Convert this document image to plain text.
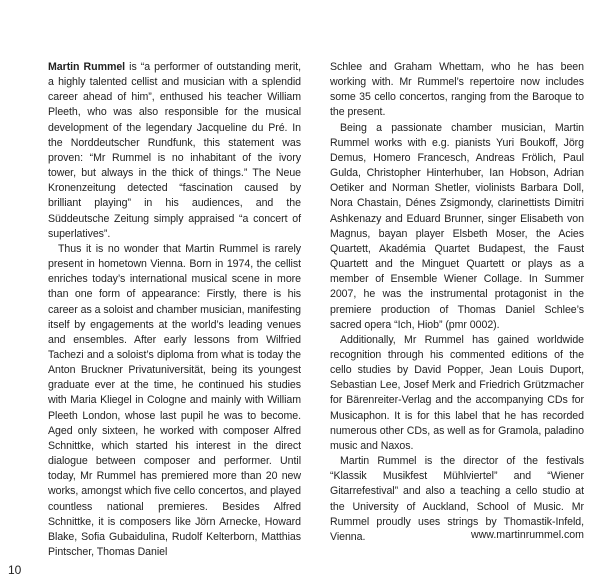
Martin Rummel is “a performer of outstanding merit, a highly talented cellist and musician with a splendid career ahead of him”, enthused his teacher William Pleeth, who was also responsible for the musical development of the legendary Jacqueline du Pré. In the Norddeutscher Rundfunk, this statement was proven: “Mr Rummel is no inhabitant of the ivory tower, but always in the thick of things.” The Neue Kronenzeitung detected “fascination caused by brilliant playing” in his audiences, and the Süddeutsche Zeitung simply appraised “a concert of superlatives”.

Thus it is no wonder that Martin Rummel is rarely present in hometown Vienna. Born in 1974, the cellist enriches today’s international musical scene in more than one form of appearance: Firstly, there is his career as a soloist and chamber musician, manifesting itself by engagements at the world’s leading venues and ensembles. After early lessons from Wilfried Tachezi and a soloist’s diploma from what is today the Anton Bruckner Privatuniversität, being its youngest graduate ever at the time, he continued his studies with Maria Kliegel in Cologne and mainly with William Pleeth London, whose last pupil he was to become. Aged only sixteen, he worked with composer Alfred Schnittke, which started his interest in the direct dialogue between composer and performer. Until today, Mr Rummel has premiered more than 20 new works, amongst which five cello concertos, and played countless national premieres. Besides Alfred Schnittke, it is composers like Jörn Arnecke, Howard Blake, Sofia Gubaidulina, Rudolf Kelterborn, Matthias Pintscher, Thomas Daniel

Schlee and Graham Whettam, who he has been working with. Mr Rummel’s repertoire now includes some 35 cello concertos, ranging from the Baroque to the present.

Being a passionate chamber musician, Martin Rummel works with e.g. pianists Yuri Boukoff, Jörg Demus, Homero Francesch, Andreas Frölich, Paul Gulda, Christopher Hinterhuber, Ian Hobson, Adrian Oetiker and Norman Shetler, violinists Barbara Doll, Nora Chastain, Dénes Zsigmondy, clarinettists Dimitri Ashkenazy and Eduard Brunner, singer Elisabeth von Magnus, bayan player Elsbeth Moser, the Acies Quartett, Akadémia Quartet Budapest, the Faust Quartett and the Minguet Quartett or plays as a member of Ensemble Wiener Collage. In Summer 2007, he was the instrumental protagonist in the premiere production of Thomas Daniel Schlee’s sacred opera “Ich, Hiob” (pmr 0002).

Additionally, Mr Rummel has gained worldwide recognition through his commented editions of the cello studies by David Popper, Jean Louis Duport, Sebastian Lee, Josef Merk and Friedrich Grützmacher for Bärenreiter-Verlag and the accompanying CDs for Musicaphon. It is for this label that he has recorded numerous other CDs, as well as for Gramola, paladino music and Naxos.

Martin Rummel is the director of the festivals “Klassik Musikfest Mühlviertel” and “Wiener Gitarrefestival” and also a teaching a cello studio at the University of Auckland, School of Music. Mr Rummel proudly uses strings by Thomastik-Infeld, Vienna.	www.martinrummel.com
10
